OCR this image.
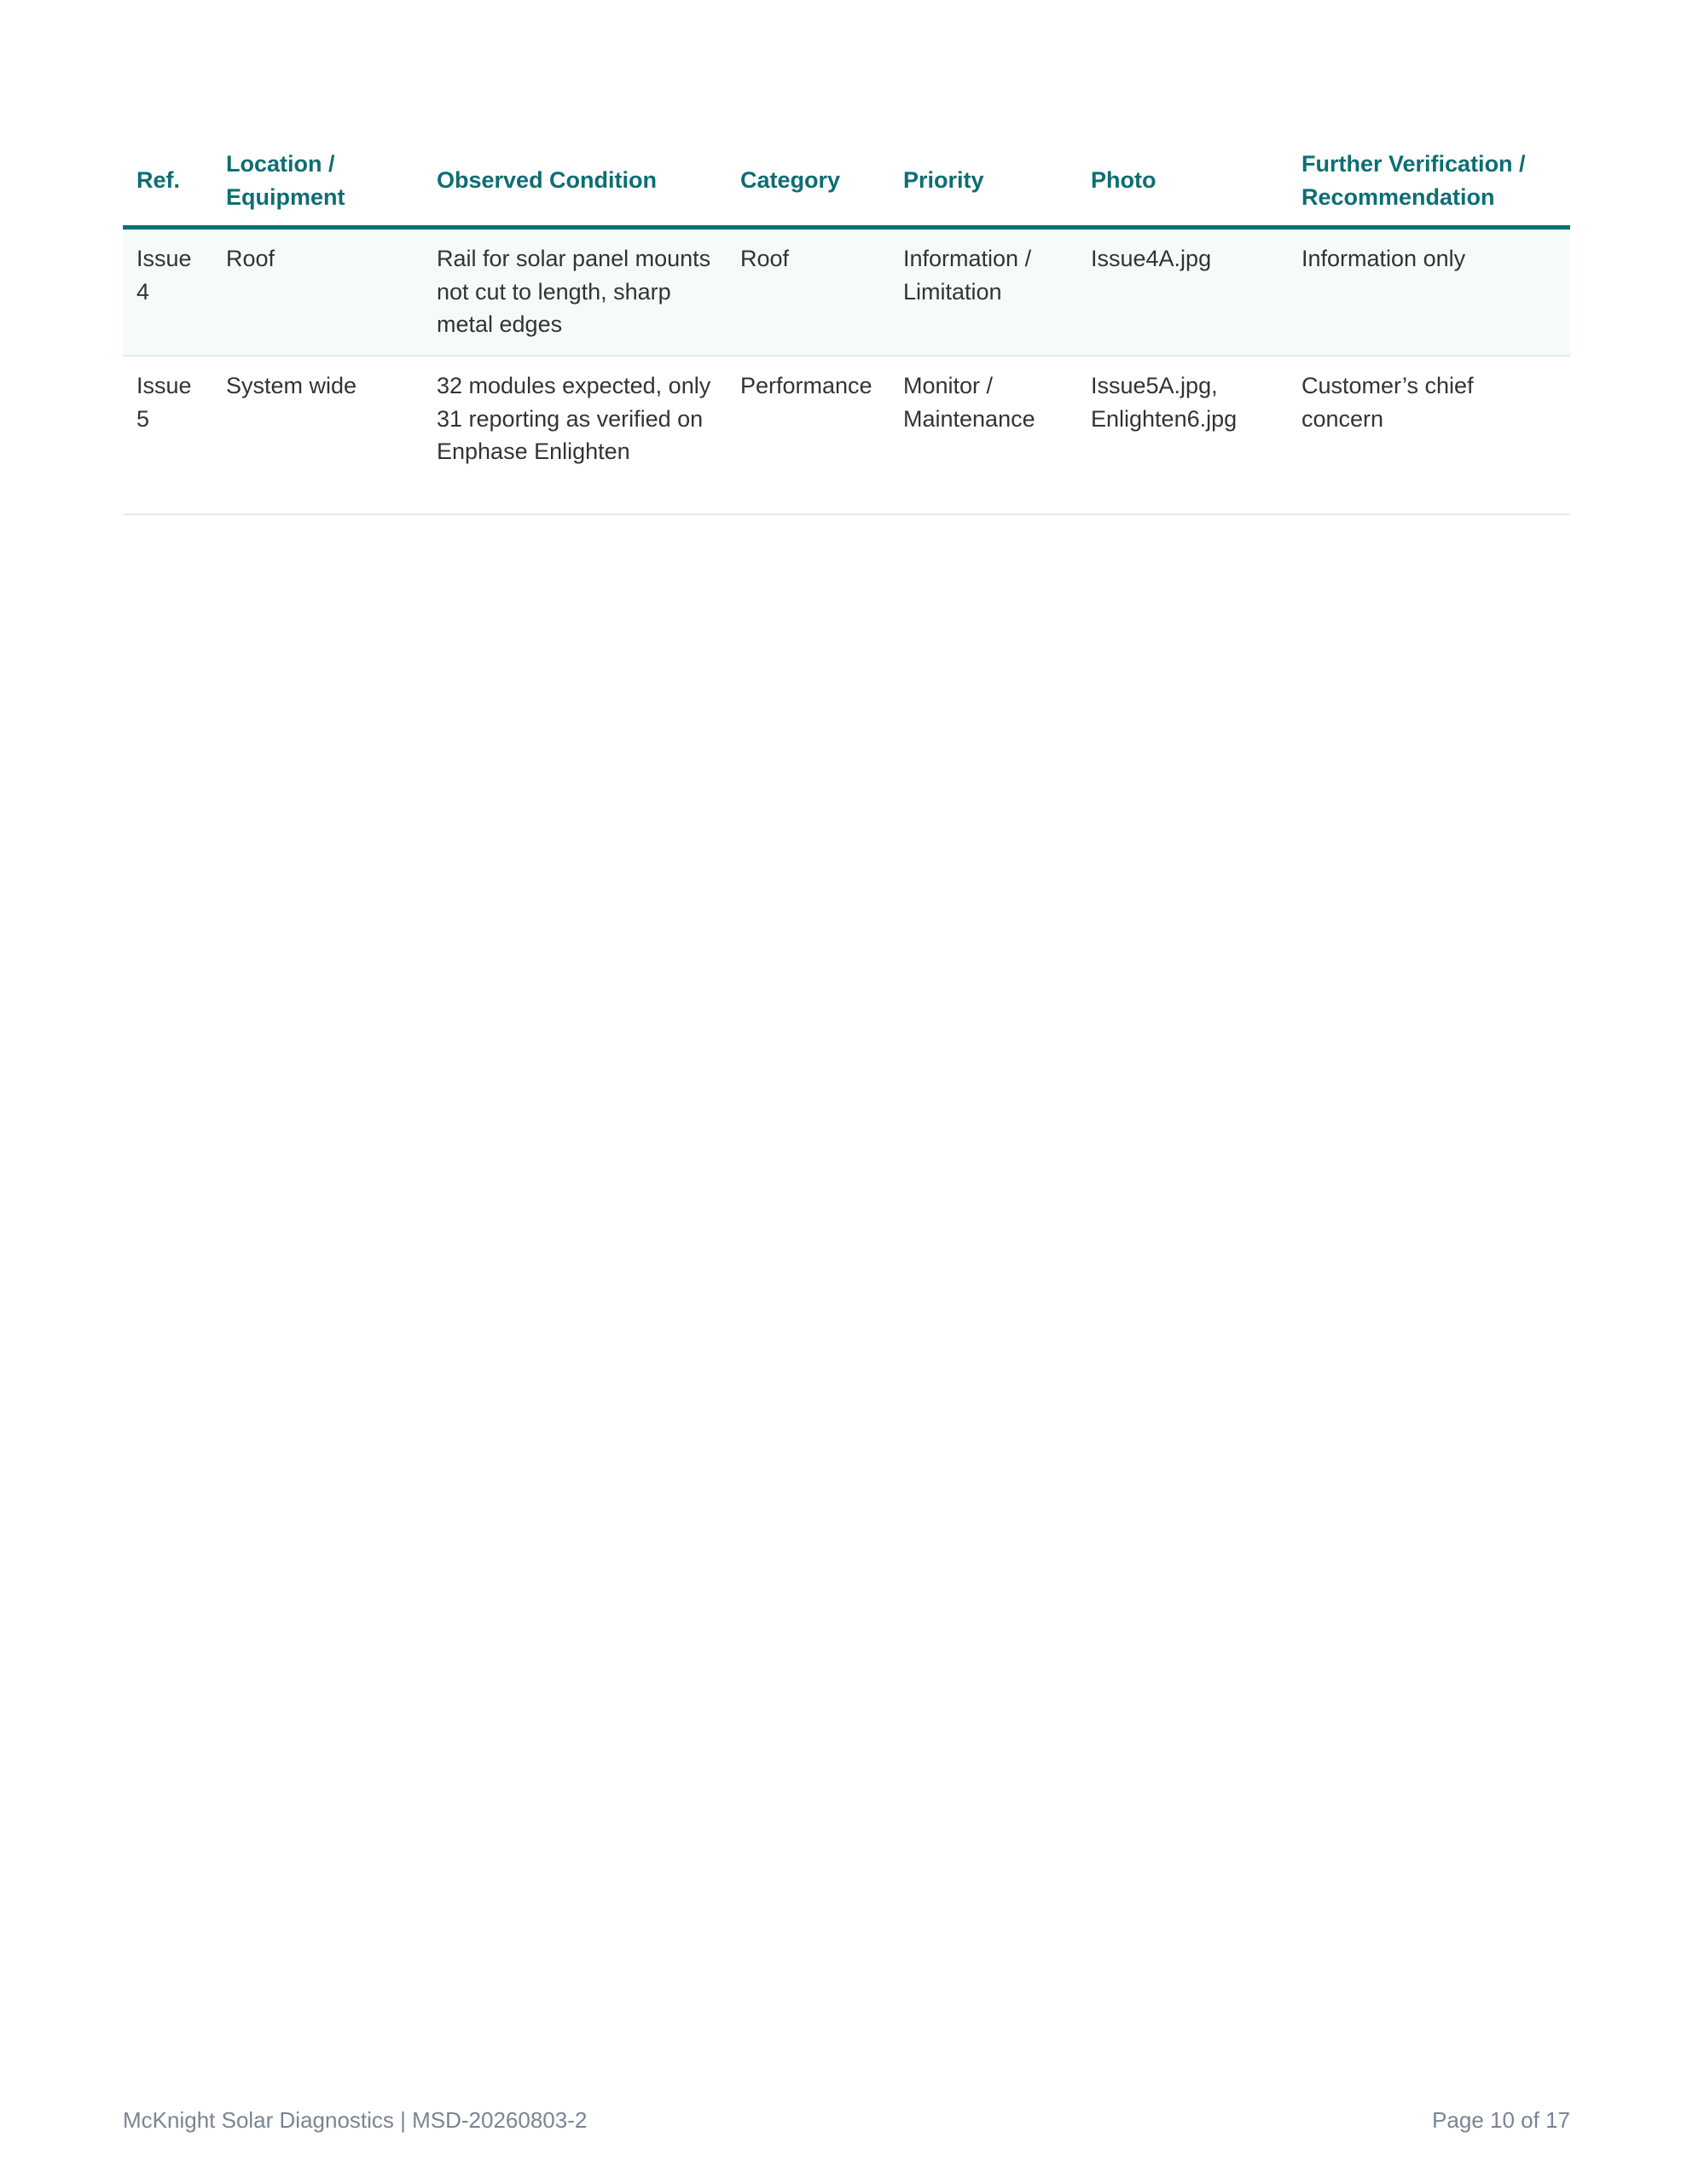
Ref.	Location / Equipment	Observed Condition	Category	Priority	Photo	Further Verification / Recommendation
Issue 4	Roof	Rail for solar panel mounts not cut to length, sharp metal edges	Roof	Information / Limitation	Issue4A.jpg	Information only
Issue 5	System wide	32 modules expected, only 31 reporting as verified on Enphase Enlighten	Performance	Monitor / Maintenance	Issue5A.jpg, Enlighten6.jpg	Customer’s chief concern
McKnight Solar Diagnostics | MSD-20260803-2	Page 10 of 17
